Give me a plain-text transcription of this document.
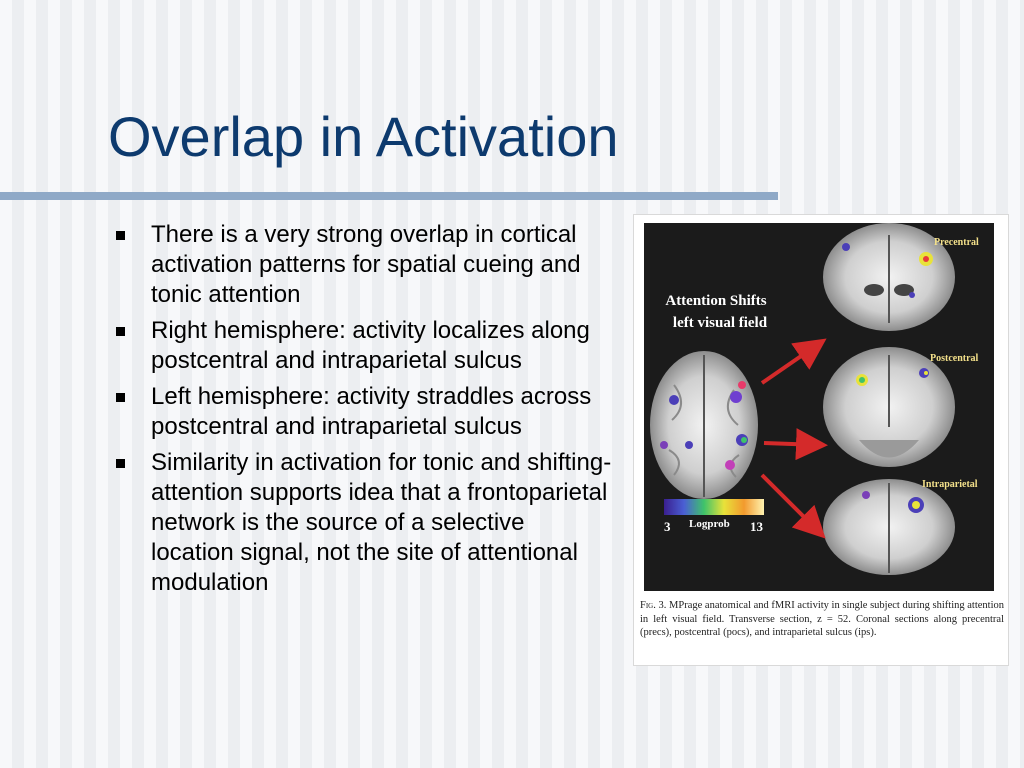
Overlap in Activation
There is a very strong overlap in cortical activation patterns for spatial cueing and tonic attention
Right hemisphere: activity localizes along postcentral and intraparietal sulcus
Left hemisphere: activity straddles across postcentral and intraparietal sulcus
Similarity in activation for tonic and shifting-attention supports idea that a frontoparietal network is the source of a selective location signal, not the site of attentional modulation
Attention Shifts
left visual field
Precentral
Postcentral
Intraparietal
3 Logprob 13
Fig. 3. MPrage anatomical and fMRI activity in single subject during shifting attention in left visual field. Transverse section, z = 52. Coronal sections along precentral (precs), postcentral (pocs), and intraparietal sulcus (ips).
